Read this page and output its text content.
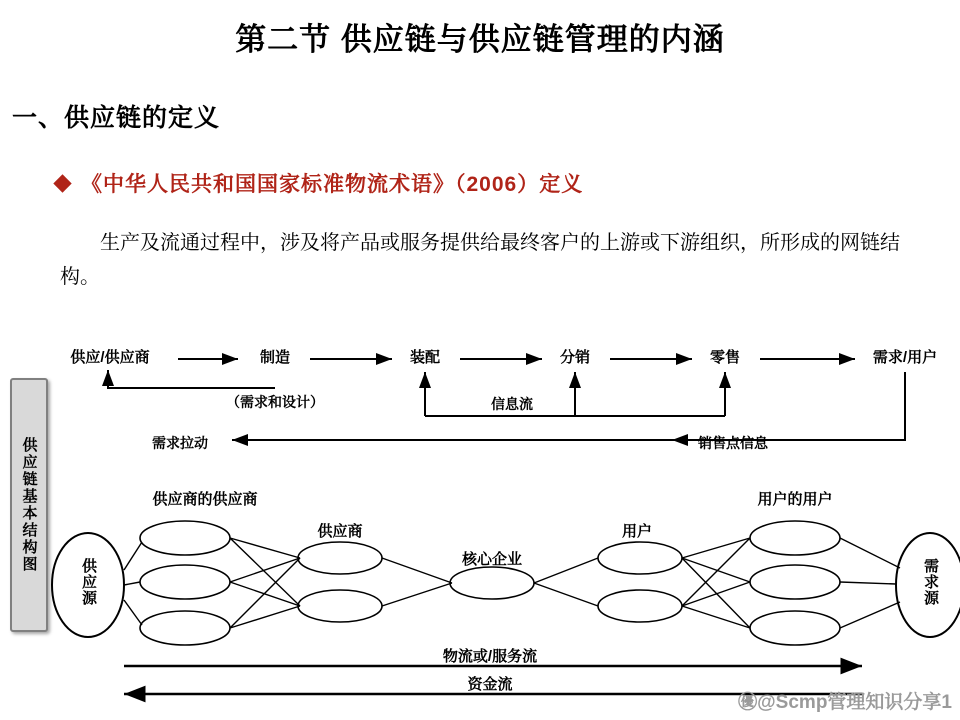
第二节 供应链与供应链管理的内涵
一、供应链的定义
《中华人民共和国国家标准物流术语》（2006）定义
生产及流通过程中，涉及将产品或服务提供给最终客户的上游或下游组织，所形成的网链结构。
供应链基本结构图
供应/供应商	制造	装配	分销	零售	需求/用户
（需求和设计）	信息流
需求拉动	销售点信息
供应商的供应商
供应商
核心企业
用户
用户的用户
供应源	需求源
物流或/服务流
资金流
㊝@Scmp管理知识分享1
